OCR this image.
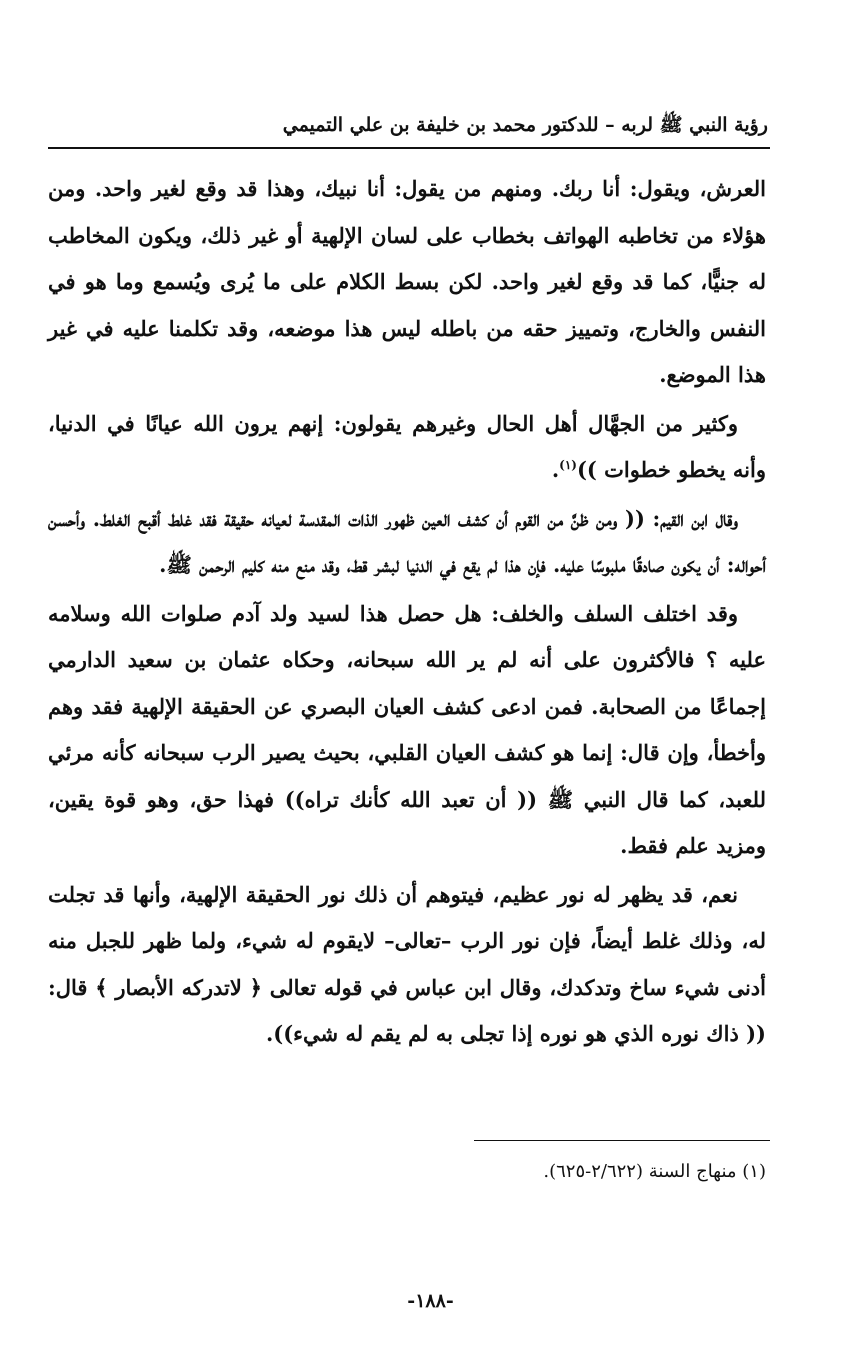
رؤية النبي ﷺ لربه – للدكتور محمد بن خليفة بن علي التميمي

العرش، ويقول: أنا ربك. ومنهم من يقول: أنا نبيك، وهذا قد وقع لغير واحد. ومن هؤلاء من تخاطبه الهواتف بخطاب على لسان الإلهية أو غير ذلك، ويكون المخاطب له جنيًّا، كما قد وقع لغير واحد. لكن بسط الكلام على ما يُرى ويُسمع وما هو في النفس والخارج، وتمييز حقه من باطله ليس هذا موضعه، وقد تكلمنا عليه في غير هذا الموضع.

وكثير من الجهَّال أهل الحال وغيرهم يقولون: إنهم يرون الله عيانًا في الدنيا، وأنه يخطو خطوات ))$^{(١)}$.

وقال ابن القيم: (( ومن ظنَّ من القوم أن كشف العين ظهور الذات المقدسة لعيانه حقيقة فقد غلط أقبح الغلط. وأحسن أحواله: أن يكون صادقًا ملبوسًا عليه. فإن هذا لم يقع في الدنيا لبشر قط، وقد منع منه كليم الرحمن ﷺ.

وقد اختلف السلف والخلف: هل حصل هذا لسيد ولد آدم صلوات الله وسلامه عليه ؟ فالأكثرون على أنه لم ير الله سبحانه، وحكاه عثمان بن سعيد الدارمي إجماعًا من الصحابة. فمن ادعى كشف العيان البصري عن الحقيقة الإلهية فقد وهم وأخطأ، وإن قال: إنما هو كشف العيان القلبي، بحيث يصير الرب سبحانه كأنه مرئي للعبد، كما قال النبي ﷺ (( أن تعبد الله كأنك تراه)) فهذا حق، وهو قوة يقين، ومزيد علم فقط.

نعم، قد يظهر له نور عظيم، فيتوهم أن ذلك نور الحقيقة الإلهية، وأنها قد تجلت له، وذلك غلط أيضاً، فإن نور الرب –تعالى– لايقوم له شيء، ولما ظهر للجبل منه أدنى شيء ساخ وتدكدك، وقال ابن عباس في قوله تعالى ﴿ لاتدركه الأبصار ﴾ قال: (( ذاك نوره الذي هو نوره إذا تجلى به لم يقم له شيء)).

(١) منهاج السنة (٢/٦٢٢-٦٢٥).
-١٨٨-
